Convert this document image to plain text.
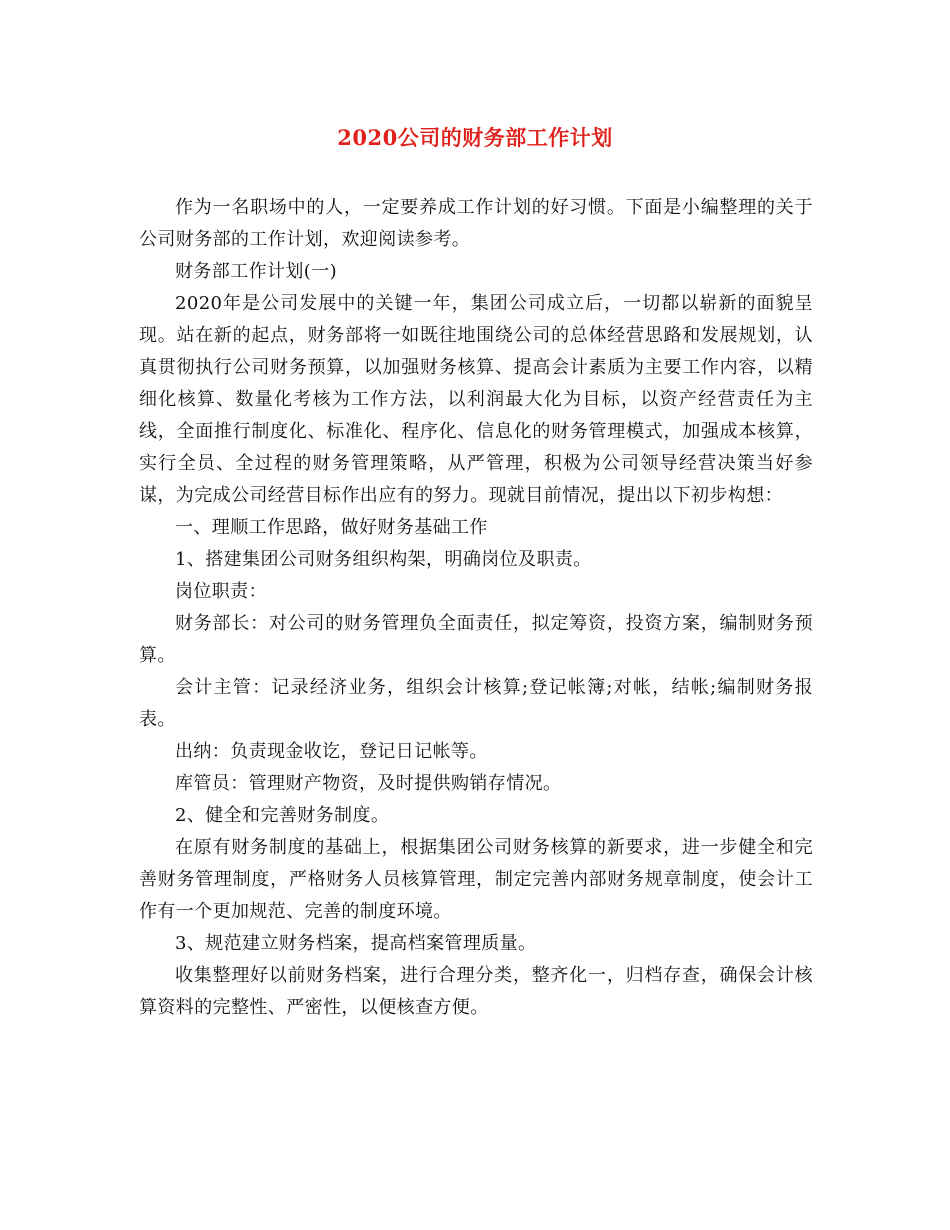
2020公司的财务部工作计划

作为一名职场中的人，一定要养成工作计划的好习惯。下面是小编整理的关于公司财务部的工作计划，欢迎阅读参考。

财务部工作计划(一)

2020年是公司发展中的关键一年，集团公司成立后，一切都以崭新的面貌呈现。站在新的起点，财务部将一如既往地围绕公司的总体经营思路和发展规划，认真贯彻执行公司财务预算，以加强财务核算、提高会计素质为主要工作内容，以精细化核算、数量化考核为工作方法，以利润最大化为目标，以资产经营责任为主线，全面推行制度化、标准化、程序化、信息化的财务管理模式，加强成本核算，实行全员、全过程的财务管理策略，从严管理，积极为公司领导经营决策当好参谋，为完成公司经营目标作出应有的努力。现就目前情况，提出以下初步构想：

一、理顺工作思路，做好财务基础工作

1、搭建集团公司财务组织构架，明确岗位及职责。

岗位职责：

财务部长：对公司的财务管理负全面责任，拟定筹资，投资方案，编制财务预算。

会计主管：记录经济业务，组织会计核算;登记帐簿;对帐，结帐;编制财务报表。

出纳：负责现金收讫，登记日记帐等。

库管员：管理财产物资，及时提供购销存情况。

2、健全和完善财务制度。

在原有财务制度的基础上，根据集团公司财务核算的新要求，进一步健全和完善财务管理制度，严格财务人员核算管理，制定完善内部财务规章制度，使会计工作有一个更加规范、完善的制度环境。

3、规范建立财务档案，提高档案管理质量。

收集整理好以前财务档案，进行合理分类，整齐化一，归档存查，确保会计核算资料的完整性、严密性，以便核查方便。
